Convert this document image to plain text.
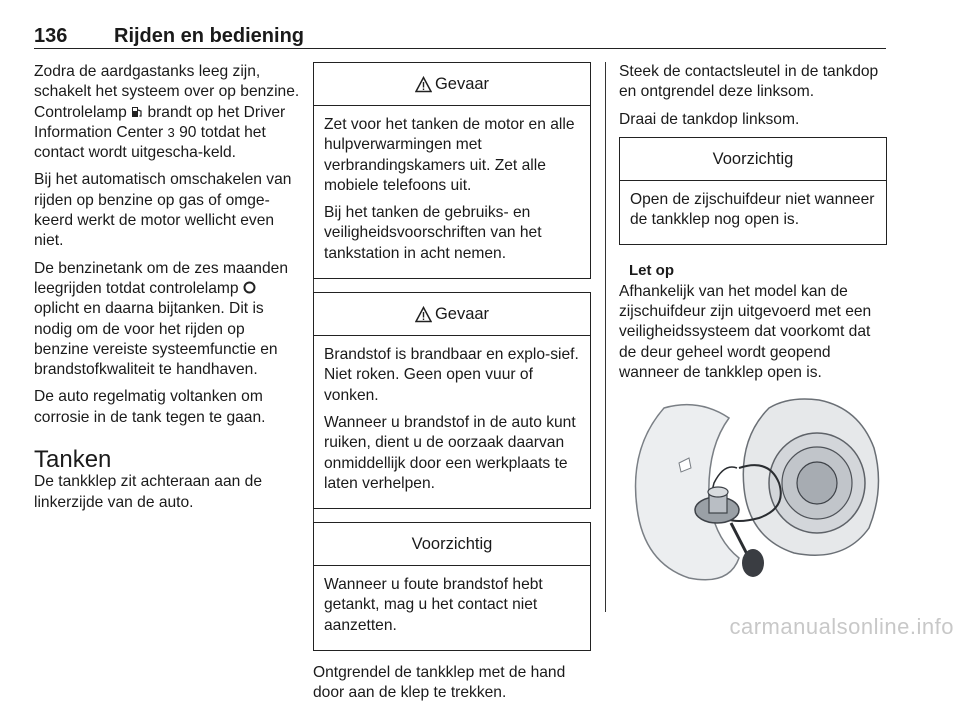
136 Rijden en bediening

Zodra de aardgastanks leeg zijn, schakelt het systeem over op benzine. Controlelamp brandt op het Driver Information Center 3 90 totdat het contact wordt uitgescha-keld.

Bij het automatisch omschakelen van rijden op benzine op gas of omge-keerd werkt de motor wellicht even niet.

De benzinetank om de zes maanden leegrijden totdat controlelamp  oplicht en daarna bijtanken. Dit is nodig om de voor het rijden op benzine vereiste systeemfunctie en brandstofkwaliteit te handhaven.

De auto regelmatig voltanken om corrosie in de tank tegen te gaan.

Tanken

De tankklep zit achteraan aan de linkerzijde van de auto.

Gevaar

Zet voor het tanken de motor en alle hulpverwarmingen met verbrandingskamers uit. Zet alle mobiele telefoons uit.

Bij het tanken de gebruiks- en veiligheidsvoorschriften van het tankstation in acht nemen.

Gevaar

Brandstof is brandbaar en explo-sief. Niet roken. Geen open vuur of vonken.

Wanneer u brandstof in de auto kunt ruiken, dient u de oorzaak daarvan onmiddellijk door een werkplaats te laten verhelpen.

Voorzichtig

Wanneer u foute brandstof hebt getankt, mag u het contact niet aanzetten.

Ontgrendel de tankklep met de hand door aan de klep te trekken.

Steek de contactsleutel in de tankdop en ontgrendel deze linksom.

Draai de tankdop linksom.

Voorzichtig

Open de zijschuifdeur niet wanneer de tankklep nog open is.

Let op

Afhankelijk van het model kan de zijschuifdeur zijn uitgevoerd met een veiligheidssysteem dat voorkomt dat de deur geheel wordt geopend wanneer de tankklep open is.

carmanualsonline.info
